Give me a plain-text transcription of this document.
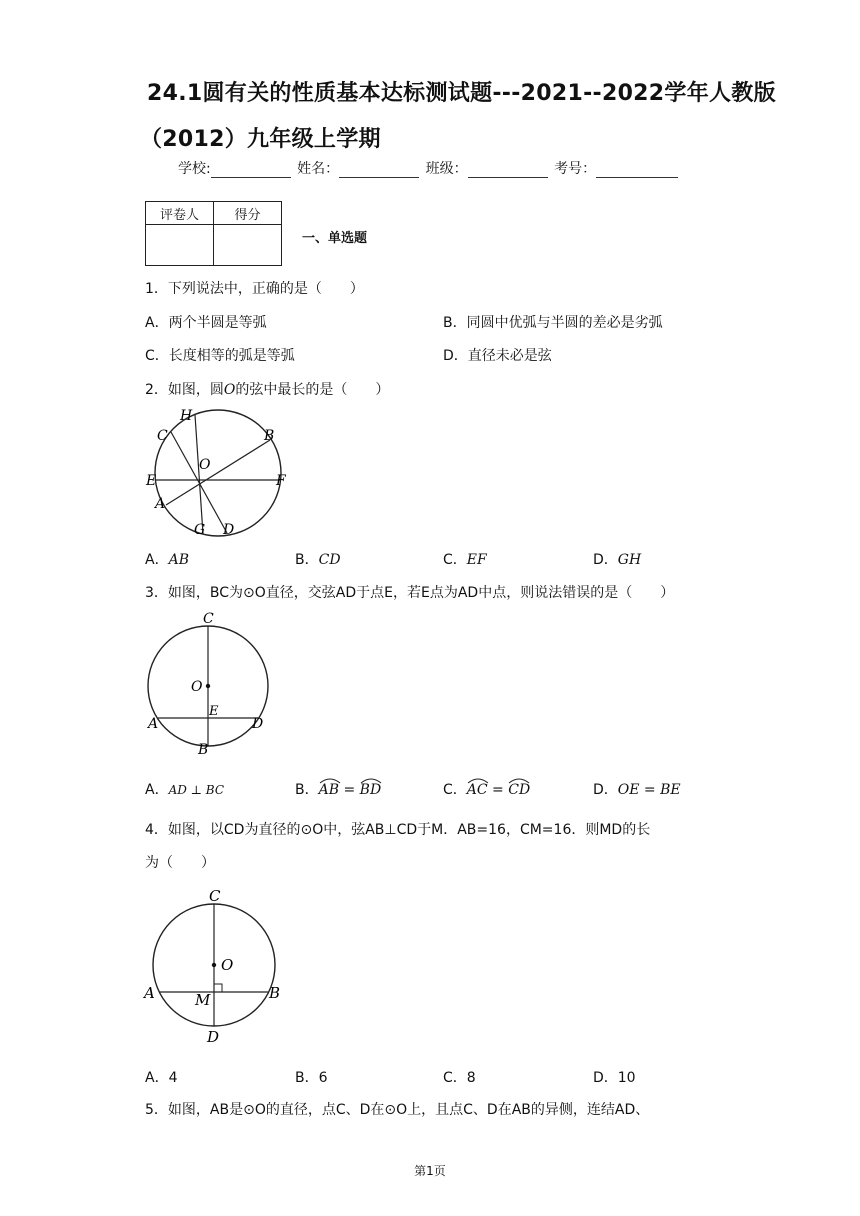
24.1圆有关的性质基本达标测试题---2021--2022学年人教版
（2012）九年级上学期
学校:	姓名：	班级：	考号：
评卷人	得分

一、单选题
1．下列说法中，正确的是（　　）
A．两个半圆是等弧	B．同圆中优弧与半圆的差必是劣弧
C．长度相等的弧是等弧	D．直径未必是弦
2．如图，圆O的弦中最长的是（　　）
H
C	B
O
E	F
A
G D
A．AB	B．CD	C．EF	D．GH
3．如图，BC为⊙O直径，交弦AD于点E，若E点为AD中点，则说法错误的是（　　）
C
O
E
A	D
B
A．AD ⊥ BC	B．
AB =
BD	C．
AC =
CD	D．OE = BE
4．如图，以CD为直径的⊙O中，弦AB⊥CD于M．AB=16，CM=16．则MD的长
为（　　）
C
O
A	M	B
D
A．4	B．6	C．8	D．10
5．如图，AB是⊙O的直径，点C、D在⊙O上，且点C、D在AB的异侧，连结AD、
第1页
